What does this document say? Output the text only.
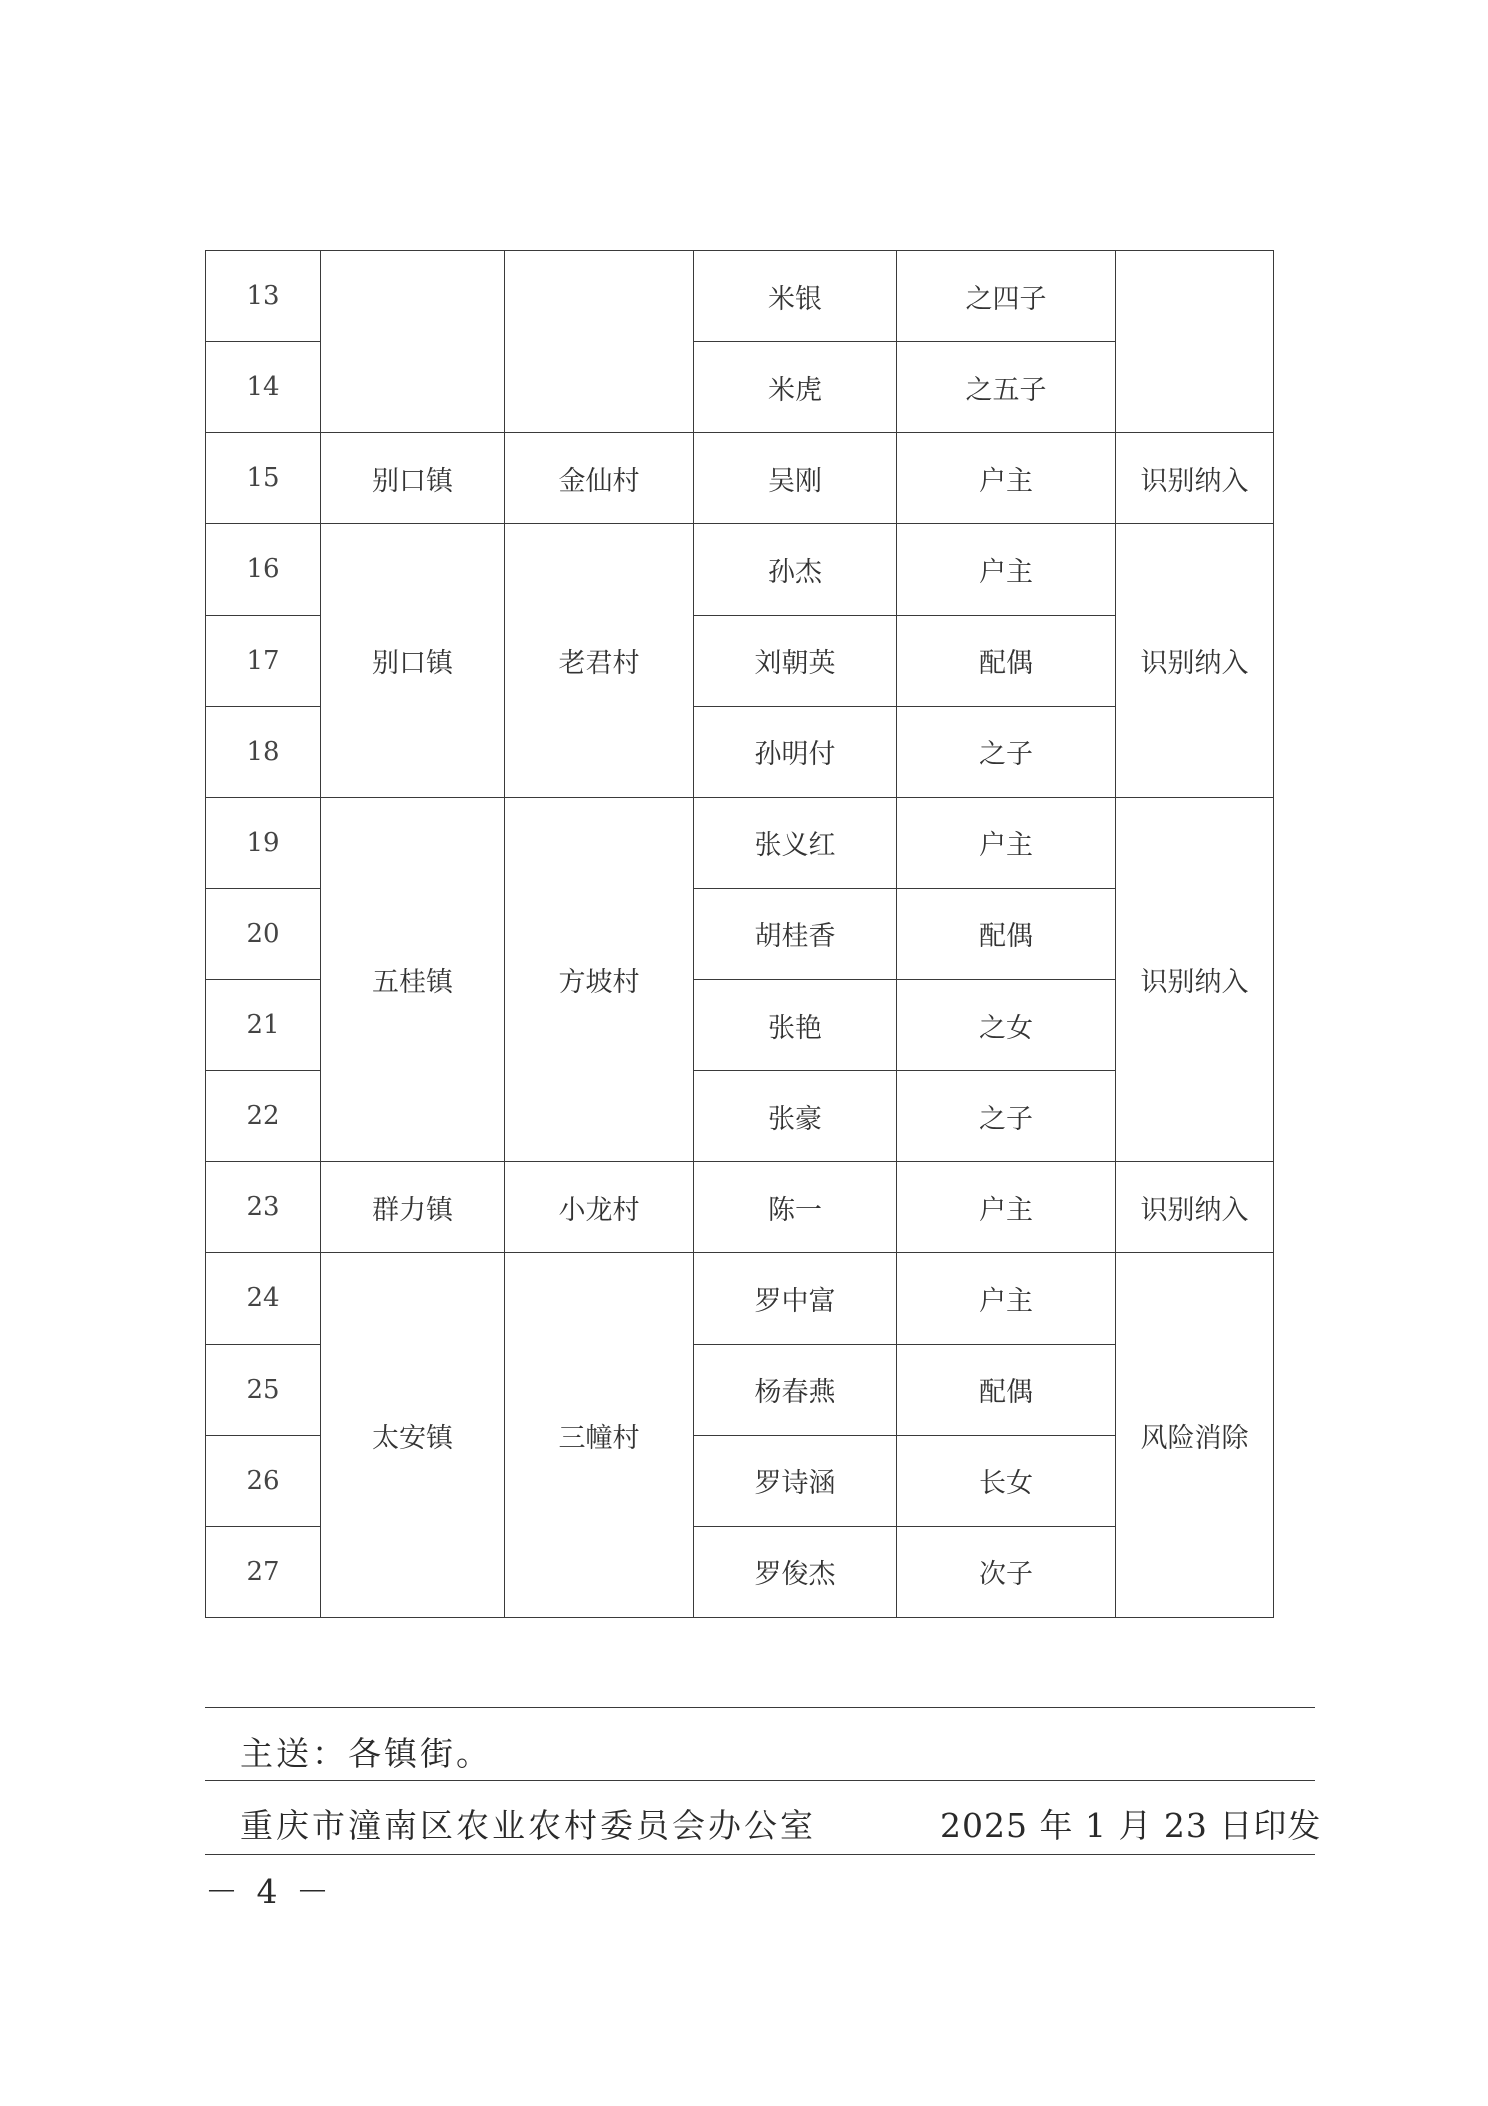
13			米银	之四子	
14			米虎	之五子	
15	别口镇	金仙村	吴刚	户主	识别纳入
16	别口镇	老君村	孙杰	户主	识别纳入
17			刘朝英	配偶	
18			孙明付	之子	
19	五桂镇	方坡村	张义红	户主	识别纳入
20			胡桂香	配偶	
21			张艳	之女	
22			张豪	之子	
23	群力镇	小龙村	陈一	户主	识别纳入
24	太安镇	三幢村	罗中富	户主	风险消除
25			杨春燕	配偶	
26			罗诗涵	长女	
27			罗俊杰	次子	
主送：各镇街。
重庆市潼南区农业农村委员会办公室	2025 年 1 月 23 日印发
－ 4 －
